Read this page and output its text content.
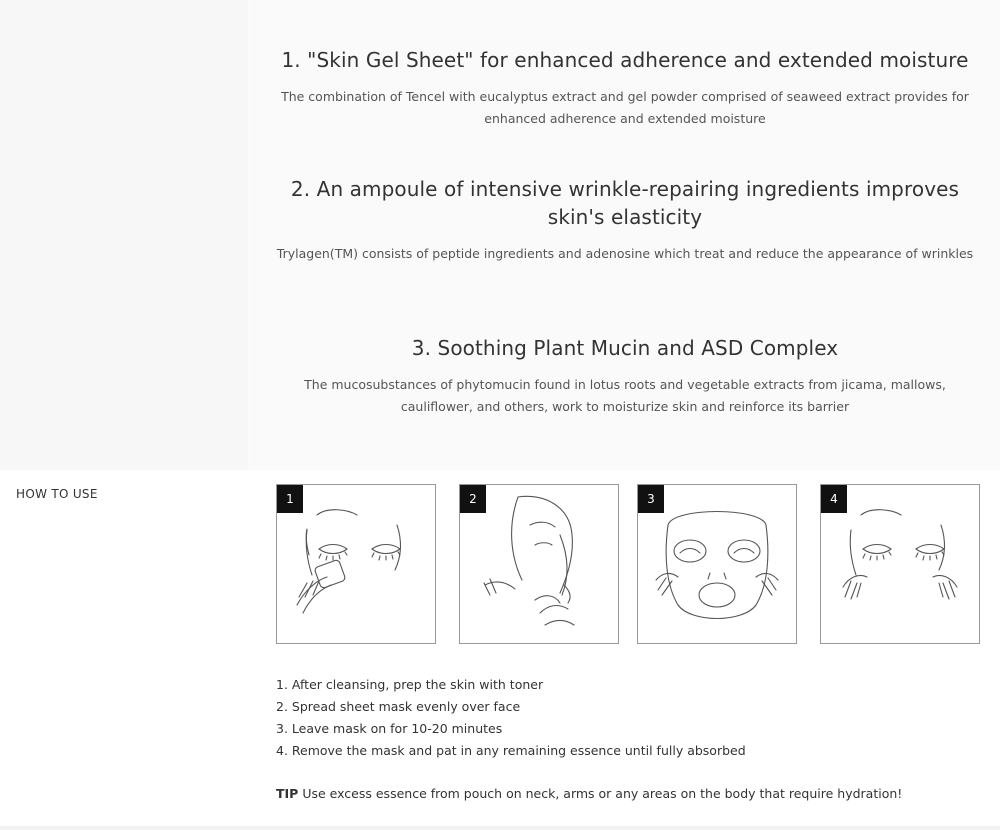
1. "Skin Gel Sheet" for enhanced adherence and extended moisture

The combination of Tencel with eucalyptus extract and gel powder comprised of seaweed extract provides for enhanced adherence and extended moisture

2. An ampoule of intensive wrinkle-repairing ingredients improves skin's elasticity

Trylagen(TM) consists of peptide ingredients and adenosine which treat and reduce the appearance of wrinkles

3. Soothing Plant Mucin and ASD Complex

The mucosubstances of phytomucin found in lotus roots and vegetable extracts from jicama, mallows, cauliflower, and others, work to moisturize skin and reinforce its barrier

HOW TO USE	1	2	3	4
1. After cleansing, prep the skin with toner
2. Spread sheet mask evenly over face
3. Leave mask on for 10-20 minutes
4. Remove the mask and pat in any remaining essence until fully absorbed
TIP Use excess essence from pouch on neck, arms or any areas on the body that require hydration!
